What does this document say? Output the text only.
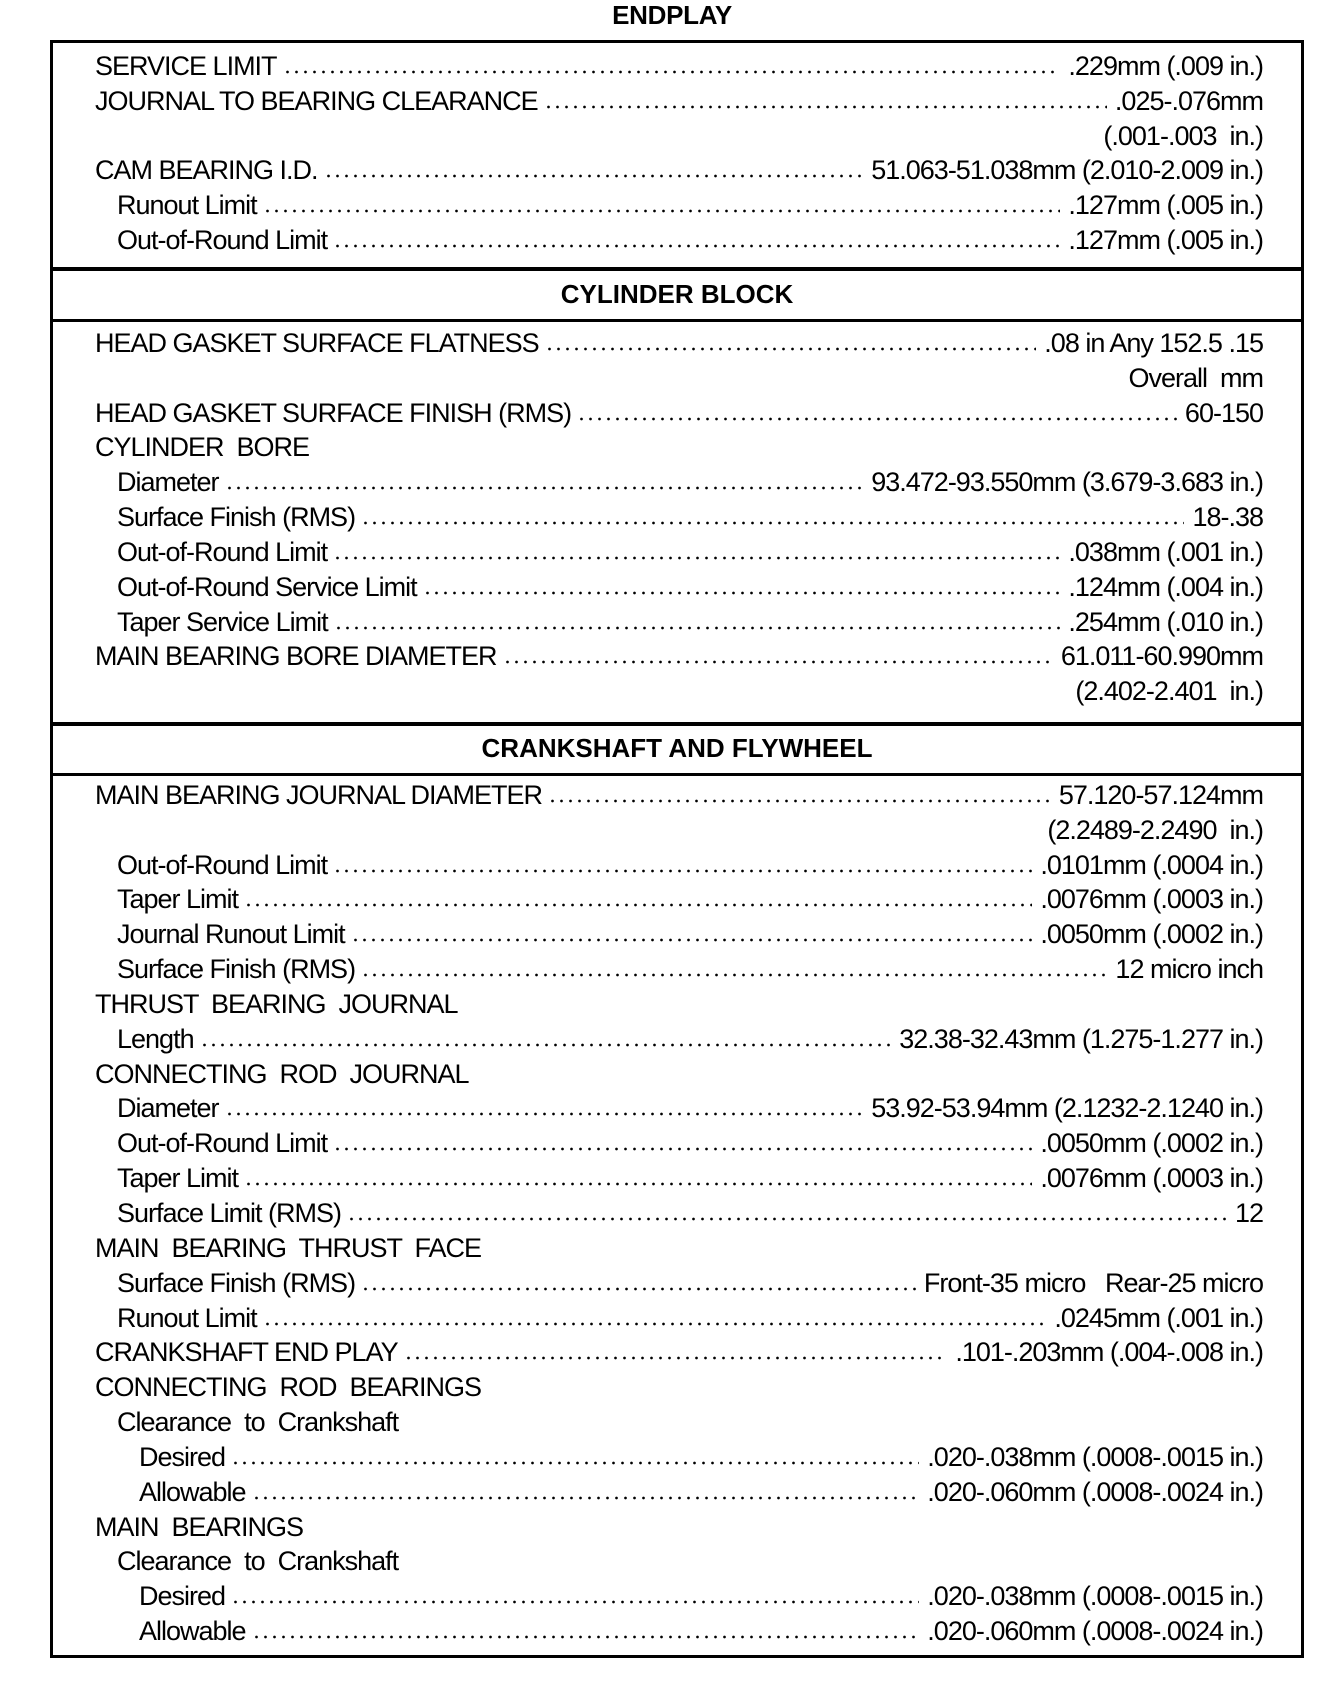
ENDPLAY
SERVICE LIMIT	.229mm (.009 in.)
JOURNAL TO BEARING CLEARANCE	.025-.076mm
(.001-.003  in.)
CAM BEARING I.D.	51.063-51.038mm (2.010-2.009 in.)
Runout Limit	.127mm (.005 in.)
Out-of-Round Limit	.127mm (.005 in.)
CYLINDER BLOCK
HEAD GASKET SURFACE FLATNESS	.08 in Any 152.5 .15
Overall  mm
HEAD GASKET SURFACE FINISH (RMS)	60-150
CYLINDER  BORE
Diameter	93.472-93.550mm (3.679-3.683 in.)
Surface Finish (RMS)	18-.38
Out-of-Round Limit	.038mm (.001 in.)
Out-of-Round Service Limit	.124mm (.004 in.)
Taper Service Limit	.254mm (.010 in.)
MAIN BEARING BORE DIAMETER	61.011-60.990mm
(2.402-2.401  in.)
CRANKSHAFT AND FLYWHEEL
MAIN BEARING JOURNAL DIAMETER	57.120-57.124mm
(2.2489-2.2490  in.)
Out-of-Round Limit	.0101mm (.0004 in.)
Taper Limit	.0076mm (.0003 in.)
Journal Runout Limit	.0050mm (.0002 in.)
Surface Finish (RMS)	12 micro inch
THRUST  BEARING  JOURNAL
Length	32.38-32.43mm (1.275-1.277 in.)
CONNECTING  ROD  JOURNAL
Diameter	53.92-53.94mm (2.1232-2.1240 in.)
Out-of-Round Limit	.0050mm (.0002 in.)
Taper Limit	.0076mm (.0003 in.)
Surface Limit (RMS)	12
MAIN  BEARING  THRUST  FACE
Surface Finish (RMS)	Front-35 micro   Rear-25 micro
Runout Limit	.0245mm (.001 in.)
CRANKSHAFT END PLAY	.101-.203mm (.004-.008 in.)
CONNECTING  ROD  BEARINGS
Clearance  to  Crankshaft
Desired	.020-.038mm (.0008-.0015 in.)
Allowable	.020-.060mm (.0008-.0024 in.)
MAIN  BEARINGS
Clearance  to  Crankshaft
Desired	.020-.038mm (.0008-.0015 in.)
Allowable	.020-.060mm (.0008-.0024 in.)
